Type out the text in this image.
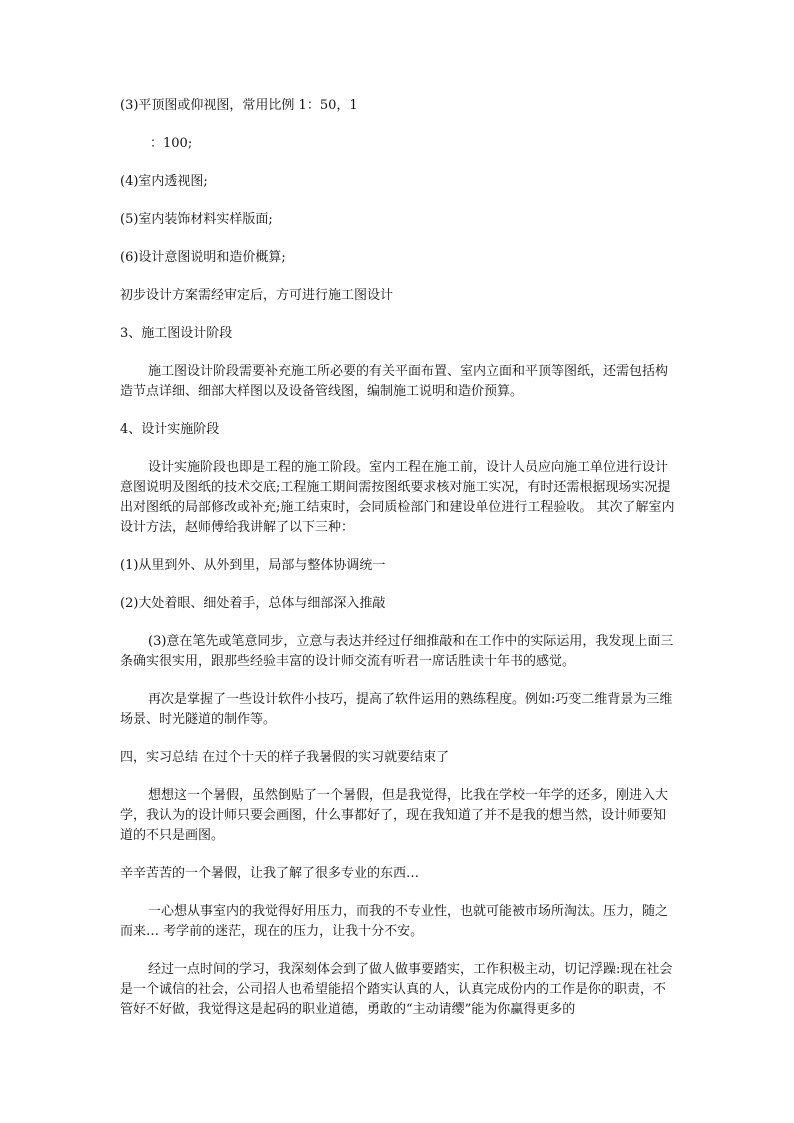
(3)平顶图或仰视图，常用比例 1：50，1

：100;

(4)室内透视图;

(5)室内装饰材料实样版面;

(6)设计意图说明和造价概算;

初步设计方案需经审定后，方可进行施工图设计

3、施工图设计阶段

施工图设计阶段需要补充施工所必要的有关平面布置、室内立面和平顶等图纸，还需包括构造节点详细、细部大样图以及设备管线图，编制施工说明和造价预算。

4、设计实施阶段

设计实施阶段也即是工程的施工阶段。室内工程在施工前，设计人员应向施工单位进行设计意图说明及图纸的技术交底;工程施工期间需按图纸要求核对施工实况，有时还需根据现场实况提出对图纸的局部修改或补充;施工结束时，会同质检部门和建设单位进行工程验收。 其次了解室内设计方法，赵师傅给我讲解了以下三种：

(1)从里到外、从外到里，局部与整体协调统一

(2)大处着眼、细处着手，总体与细部深入推敲

(3)意在笔先或笔意同步，立意与表达并经过仔细推敲和在工作中的实际运用，我发现上面三条确实很实用，跟那些经验丰富的设计师交流有听君一席话胜读十年书的感觉。

再次是掌握了一些设计软件小技巧，提高了软件运用的熟练程度。例如:巧变二维背景为三维场景、时光隧道的制作等。

四，实习总结 在过个十天的样子我暑假的实习就要结束了

想想这一个暑假，虽然倒贴了一个暑假，但是我觉得，比我在学校一年学的还多，刚进入大学，我认为的设计师只要会画图，什么事都好了，现在我知道了并不是我的想当然，设计师要知道的不只是画图。

辛辛苦苦的一个暑假，让我了解了很多专业的东西…

一心想从事室内的我觉得好用压力，而我的不专业性，也就可能被市场所淘汰。压力，随之而来… 考学前的迷茫，现在的压力，让我十分不安。

经过一点时间的学习，我深刻体会到了做人做事要踏实，工作积极主动，切记浮躁:现在社会是一个诚信的社会，公司招人也希望能招个踏实认真的人，认真完成份内的工作是你的职责，不管好不好做，我觉得这是起码的职业道德，勇敢的“主动请缨”能为你赢得更多的
